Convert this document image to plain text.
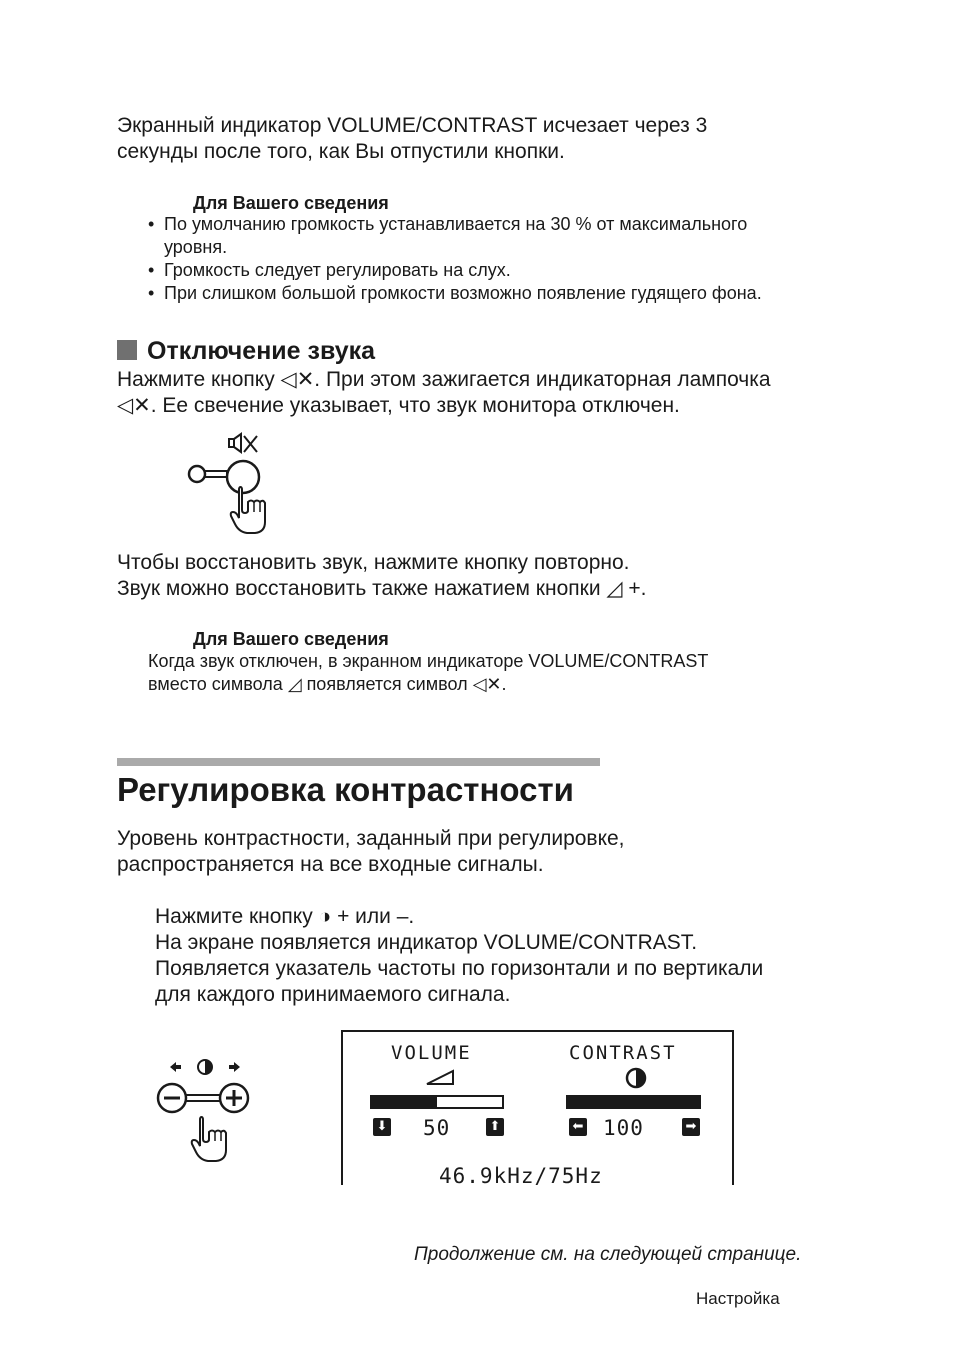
Экранный индикатор VOLUME/CONTRAST исчезает через 3
секунды после того, как Вы отпустили кнопки.
Для Вашего сведения
• По умолчанию громкость устанавливается на 30 % от максимального
уровня.
• Громкость следует регулировать на слух.
• При слишком большой громкости возможно появление гудящего фона.
Отключение звука
Нажмите кнопку ◁✕. При этом зажигается индикаторная лампочка
◁✕. Ее свечение указывает, что звук монитора отключен.
Чтобы восстановить звук, нажмите кнопку повторно.
Звук можно восстановить также нажатием кнопки ◿ +.
Для Вашего сведения
Когда звук отключен, в экранном индикаторе VOLUME/CONTRAST
вместо символа ◿ появляется символ ◁✕.
Регулировка контрастности
Уровень контрастности, заданный при регулировке,
распространяется на все входные сигналы.
Нажмите кнопку ◑ + или –.
На экране появляется индикатор VOLUME/CONTRAST.
Появляется указатель частоты по горизонтали и по вертикали
для каждого принимаемого сигнала.
VOLUME	CONTRAST
⬇ 50	⬆	⬅ 100	➡
46.9kHz/75Hz
Продолжение см. на следующей странице.
Настройка
